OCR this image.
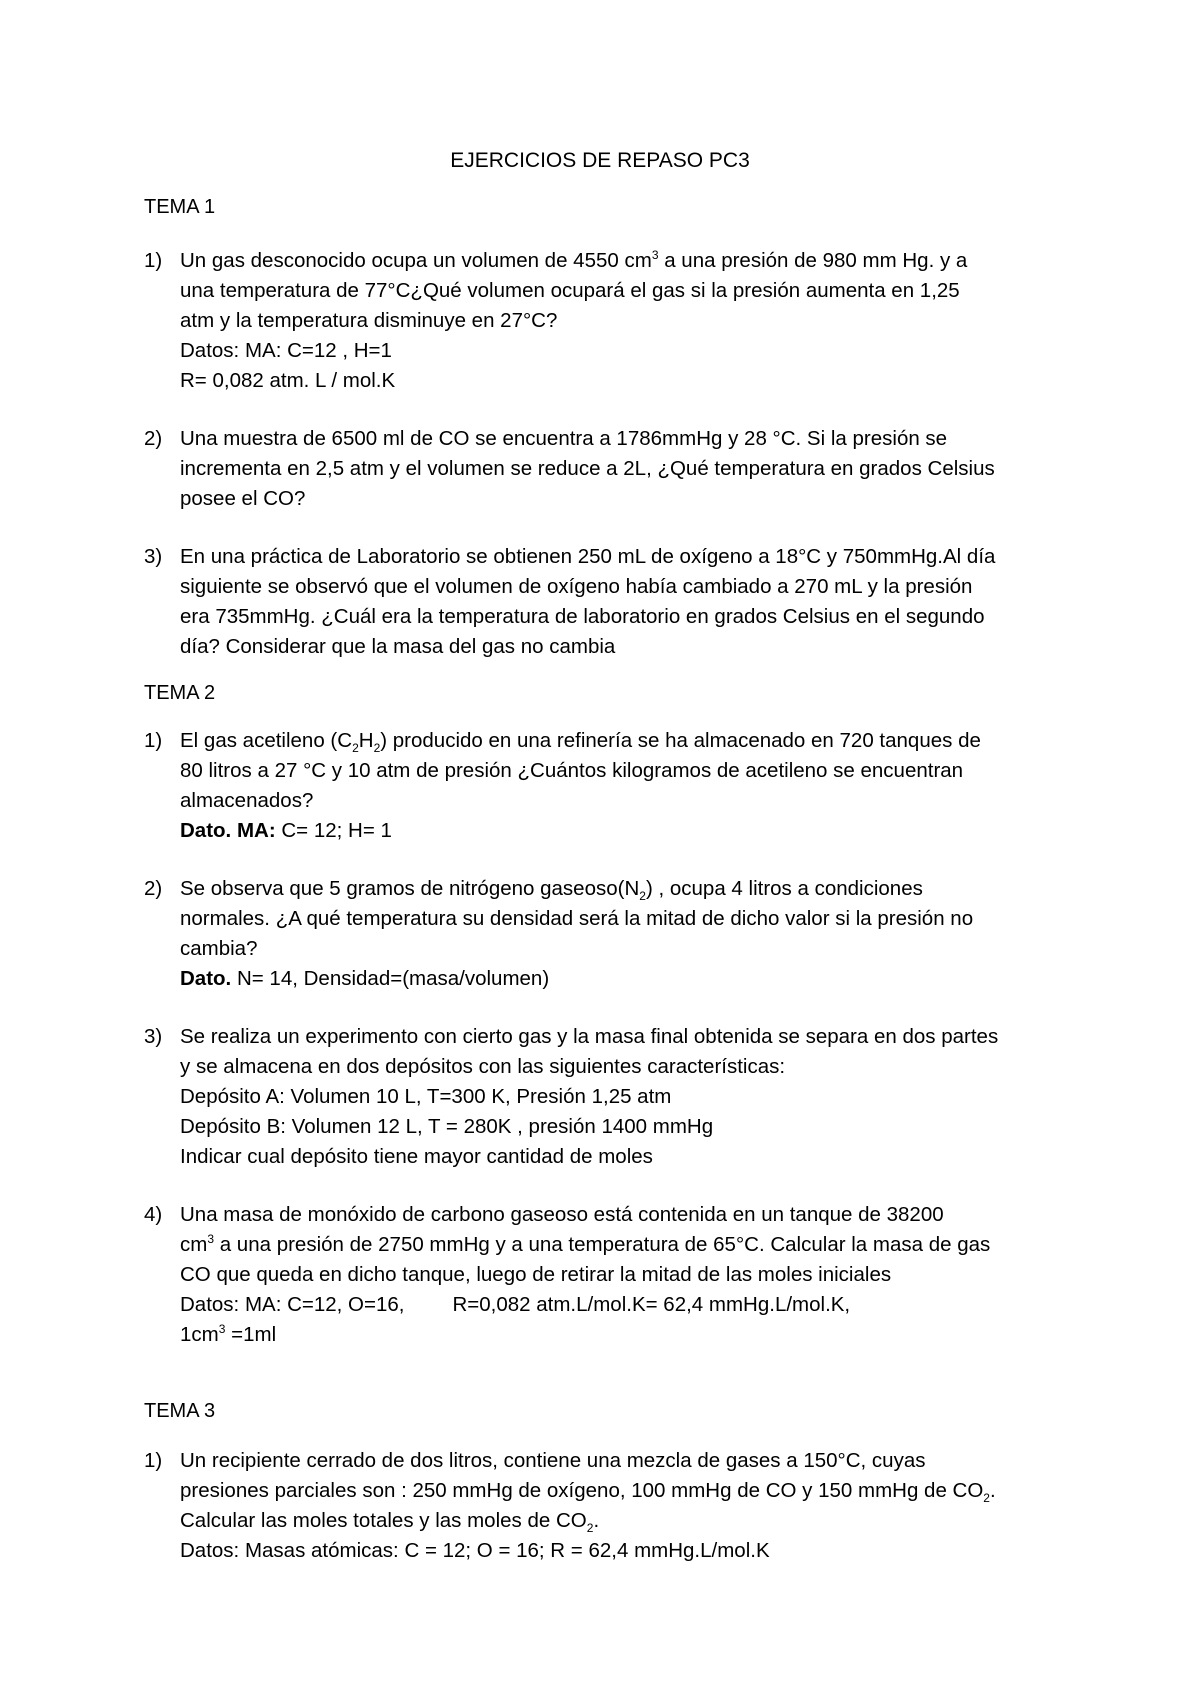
EJERCICIOS DE REPASO PC3
TEMA 1
1) Un gas desconocido ocupa un volumen de 4550 $cm^3$ a una presión de 980 mm Hg. y a
una temperatura de 77°C¿Qué volumen ocupará el gas si la presión aumenta en 1,25
atm y la temperatura disminuye en 27°C?
Datos: MA: C=12 , H=1
R= 0,082 atm. L / mol.K
2) Una muestra de 6500 ml de CO se encuentra a 1786mmHg y 28 °C. Si la presión se
incrementa en 2,5 atm y el volumen se reduce a 2L, ¿Qué temperatura en grados Celsius
posee el CO?
3) En una práctica de Laboratorio se obtienen 250 mL de oxígeno a 18°C y 750mmHg.Al día
siguiente se observó que el volumen de oxígeno había cambiado a 270 mL y la presión
era 735mmHg. ¿Cuál era la temperatura de laboratorio en grados Celsius en el segundo
día? Considerar que la masa del gas no cambia
TEMA 2
1) El gas acetileno $(C_2H_2)$ producido en una refinería se ha almacenado en 720 tanques de
80 litros a 27 °C y 10 atm de presión ¿Cuántos kilogramos de acetileno se encuentran
almacenados?
Dato. MA: C= 12; H= 1
2) Se observa que 5 gramos de nitrógeno $gaseoso(N_2)$ , ocupa 4 litros a condiciones
normales. ¿A qué temperatura su densidad será la mitad de dicho valor si la presión no
cambia?
Dato. N= 14, Densidad=(masa/volumen)
3) Se realiza un experimento con cierto gas y la masa final obtenida se separa en dos partes
y se almacena en dos depósitos con las siguientes características:
Depósito A: Volumen 10 L, T=300 K, Presión 1,25 atm
Depósito B: Volumen 12 L, T = 280K , presión 1400 mmHg
Indicar cual depósito tiene mayor cantidad de moles
4) Una masa de monóxido de carbono gaseoso está contenida en un tanque de 38200
$cm^3$ a una presión de 2750 mmHg y a una temperatura de 65°C. Calcular la masa de gas
CO que queda en dicho tanque, luego de retirar la mitad de las moles iniciales
Datos: MA: C=12, O=16, R=0,082 atm.L/mol.K= 62,4 mmHg.L/mol.K,
$1cm^3 =1ml$
TEMA 3
1) Un recipiente cerrado de dos litros, contiene una mezcla de gases a 150°C, cuyas
presiones parciales son : 250 mmHg de oxígeno, 100 mmHg de CO y 150 mmHg de $CO_2$.
Calcular las moles totales y las moles de $CO_2$.
Datos: Masas atómicas: C = 12; O = 16; R = 62,4 mmHg.L/mol.K
